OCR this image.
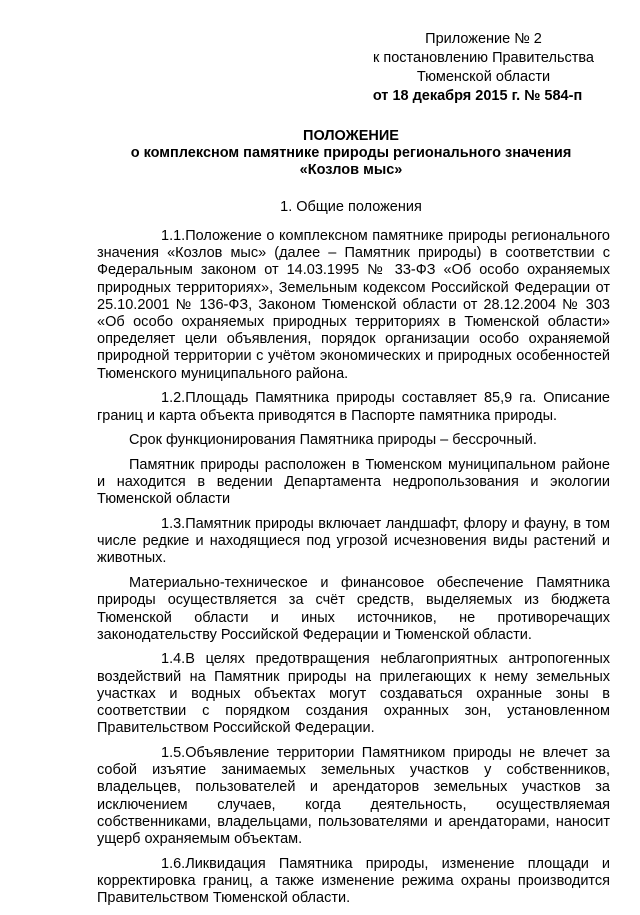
Приложение № 2
к постановлению Правительства
Тюменской области
от 18 декабря 2015 г. № 584-п
ПОЛОЖЕНИЕ
о комплексном памятнике природы регионального значения
«Козлов мыс»
1. Общие положения

1.1.Положение о комплексном памятнике природы регионального значения «Козлов мыс» (далее – Памятник природы) в соответствии с Федеральным законом от 14.03.1995 № 33-ФЗ «Об особо охраняемых природных территориях», Земельным кодексом Российской Федерации от 25.10.2001 № 136-ФЗ, Законом Тюменской области от 28.12.2004 № 303 «Об особо охраняемых природных территориях в Тюменской области» определяет цели объявления, порядок организации особо охраняемой природной территории с учётом экономических и природных особенностей Тюменского муниципального района.

1.2.Площадь Памятника природы составляет 85,9 га. Описание границ и карта объекта приводятся в Паспорте памятника природы.

Срок функционирования Памятника природы – бессрочный.

Памятник природы расположен в Тюменском муниципальном районе и находится в ведении Департамента недропользования и экологии Тюменской области

1.3.Памятник природы включает ландшафт, флору и фауну, в том числе редкие и находящиеся под угрозой исчезновения виды растений и животных.

Материально-техническое и финансовое обеспечение Памятника природы осуществляется за счёт средств, выделяемых из бюджета Тюменской области и иных источников, не противоречащих законодательству Российской Федерации и Тюменской области.

1.4.В целях предотвращения неблагоприятных антропогенных воздействий на Памятник природы на прилегающих к нему земельных участках и водных объектах могут создаваться охранные зоны в соответствии с порядком создания охранных зон, установленном Правительством Российской Федерации.

1.5.Объявление территории Памятником природы не влечет за собой изъятие занимаемых земельных участков у собственников, владельцев, пользователей и арендаторов земельных участков за исключением случаев, когда деятельность, осуществляемая собственниками, владельцами, пользователями и арендаторами, наносит ущерб охраняемым объектам.

1.6.Ликвидация Памятника природы, изменение площади и корректировка границ, а также изменение режима охраны производится Правительством Тюменской области.
